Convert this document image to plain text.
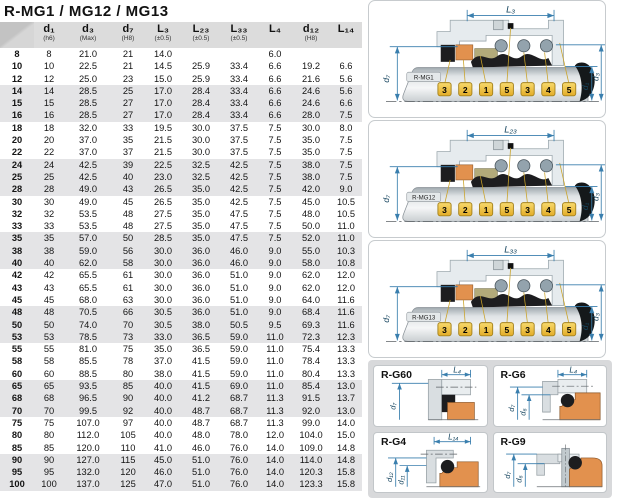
R-MG1 / MG12 / MG13

d₁
(h6)

d₃
(Max)

d₇
(H8)

L₃
(±0.5)

L₂₃
(±0.5)

L₃₃
(±0.5)

L₄	d₁₂
(H8)

L₁₄

8	8	21.0	21	14.0			6.0		
10	10	22.5	21	14.5	25.9	33.4	6.6	19.2	6.6
12	12	25.0	23	15.0	25.9	33.4	6.6	21.6	5.6
14	14	28.5	25	17.0	28.4	33.4	6.6	24.6	5.6
15	15	28.5	27	17.0	28.4	33.4	6.6	24.6	6.6
16	16	28.5	27	17.0	28.4	33.4	6.6	28.0	7.5
18	18	32.0	33	19.5	30.0	37.5	7.5	30.0	8.0
20	20	37.0	35	21.5	30.0	37.5	7.5	35.0	7.5
22	22	37.0	37	21.5	30.0	37.5	7.5	35.0	7.5
24	24	42.5	39	22.5	32.5	42.5	7.5	38.0	7.5
25	25	42.5	40	23.0	32.5	42.5	7.5	38.0	7.5
28	28	49.0	43	26.5	35.0	42.5	7.5	42.0	9.0
30	30	49.0	45	26.5	35.0	42.5	7.5	45.0	10.5
32	32	53.5	48	27.5	35.0	47.5	7.5	48.0	10.5
33	33	53.5	48	27.5	35.0	47.5	7.5	50.0	11.0
35	35	57.0	50	28.5	35.0	47.5	7.5	52.0	11.0
38	38	59.0	56	30.0	36.0	46.0	9.0	55.0	10.3
40	40	62.0	58	30.0	36.0	46.0	9.0	58.0	10.8
42	42	65.5	61	30.0	36.0	51.0	9.0	62.0	12.0
43	43	65.5	61	30.0	36.0	51.0	9.0	62.0	12.0
45	45	68.0	63	30.0	36.0	51.0	9.0	64.0	11.6
48	48	70.5	66	30.5	36.0	51.0	9.0	68.4	11.6
50	50	74.0	70	30.5	38.0	50.5	9.5	69.3	11.6
53	53	78.5	73	33.0	36.5	59.0	11.0	72.3	12.3
55	55	81.0	75	35.0	36.5	59.0	11.0	75.4	13.3
58	58	85.5	78	37.0	41.5	59.0	11.0	78.4	13.3
60	60	88.5	80	38.0	41.5	59.0	11.0	80.4	13.3
65	65	93.5	85	40.0	41.5	69.0	11.0	85.4	13.0
68	68	96.5	90	40.0	41.2	68.7	11.3	91.5	13.7
70	70	99.5	92	40.0	48.7	68.7	11.3	92.0	13.0
75	75	107.0	97	40.0	48.7	68.7	11.3	99.0	14.0
80	80	112.0	105	40.0	48.0	78.0	12.0	104.0	15.0
85	85	120.0	110	41.0	46.0	76.0	14.0	109.0	14.8
90	90	127.0	115	45.0	51.0	76.0	14.0	114.0	14.8
95	95	132.0	120	46.0	51.0	76.0	14.0	120.3	15.8
100	100	137.0	125	47.0	51.0	76.0	14.0	123.3	15.8
R-MG1
3 2 1 5 3 4 5
L₃
d₇
d₁
d₃
R-MG12
3 2 1 5 3 4 5
L₂₃
d₇
d₁
d₃
R-MG13
3 2 1 5 3 4 5
L₃₃
d₇
d₁
d₃
R-G60	L₄
d₇
R-G6	L₄
d₇
d₆
R-G4	L₁₄
d₁₂ d₁₁
R-G9
d₇
d₆
